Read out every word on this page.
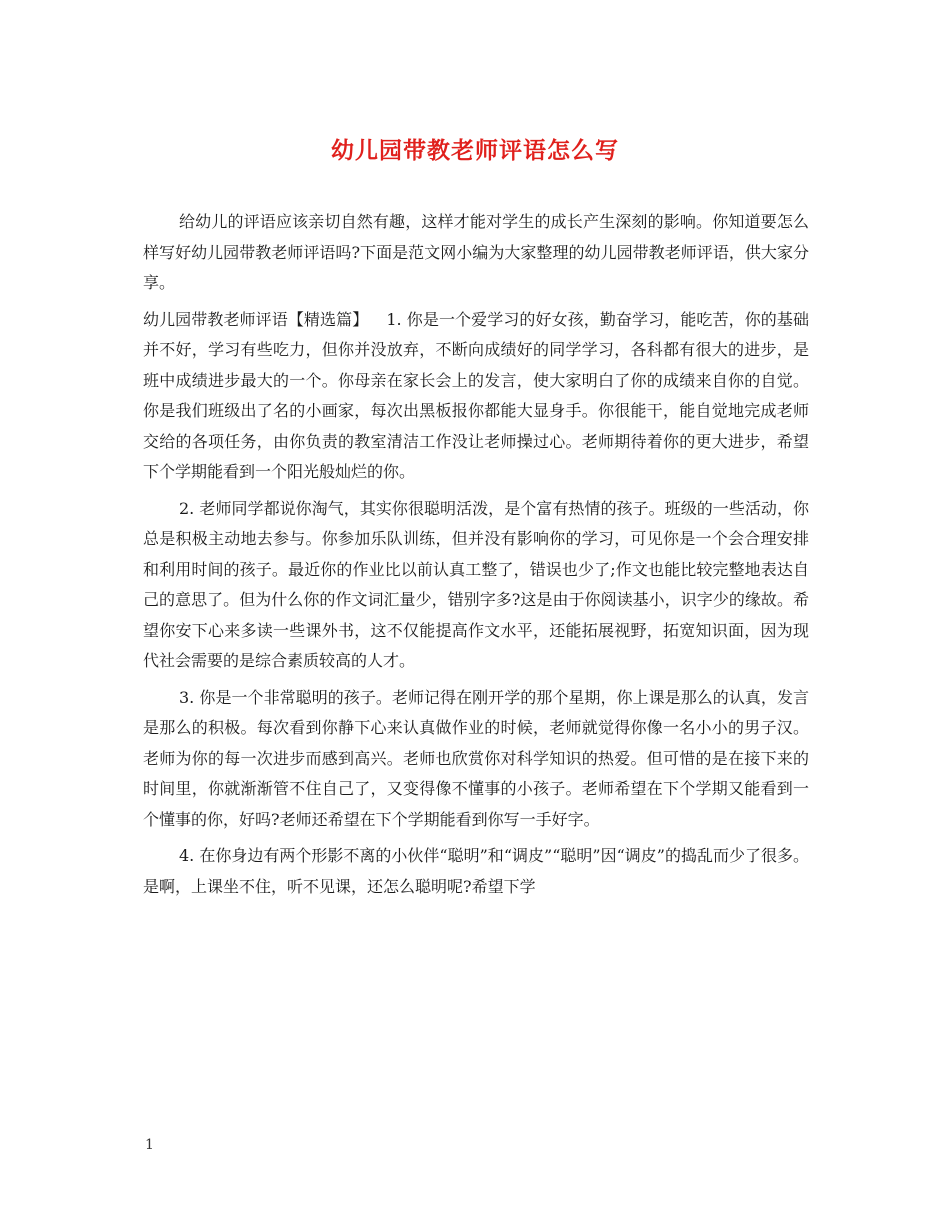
幼儿园带教老师评语怎么写

给幼儿的评语应该亲切自然有趣，这样才能对学生的成长产生深刻的影响。你知道要怎么样写好幼儿园带教老师评语吗?下面是范文网小编为大家整理的幼儿园带教老师评语，供大家分享。

幼儿园带教老师评语【精选篇】 1. 你是一个爱学习的好女孩，勤奋学习，能吃苦，你的基础并不好，学习有些吃力，但你并没放弃，不断向成绩好的同学学习，各科都有很大的进步，是班中成绩进步最大的一个。你母亲在家长会上的发言，使大家明白了你的成绩来自你的自觉。你是我们班级出了名的小画家，每次出黑板报你都能大显身手。你很能干，能自觉地完成老师交给的各项任务，由你负责的教室清洁工作没让老师操过心。老师期待着你的更大进步，希望下个学期能看到一个阳光般灿烂的你。

2. 老师同学都说你淘气，其实你很聪明活泼，是个富有热情的孩子。班级的一些活动，你总是积极主动地去参与。你参加乐队训练，但并没有影响你的学习，可见你是一个会合理安排和利用时间的孩子。最近你的作业比以前认真工整了，错误也少了;作文也能比较完整地表达自己的意思了。但为什么你的作文词汇量少，错别字多?这是由于你阅读基小，识字少的缘故。希望你安下心来多读一些课外书，这不仅能提高作文水平，还能拓展视野，拓宽知识面，因为现代社会需要的是综合素质较高的人才。

3. 你是一个非常聪明的孩子。老师记得在刚开学的那个星期，你上课是那么的认真，发言是那么的积极。每次看到你静下心来认真做作业的时候，老师就觉得你像一名小小的男子汉。老师为你的每一次进步而感到高兴。老师也欣赏你对科学知识的热爱。但可惜的是在接下来的时间里，你就渐渐管不住自己了，又变得像不懂事的小孩子。老师希望在下个学期又能看到一个懂事的你，好吗?老师还希望在下个学期能看到你写一手好字。

4. 在你身边有两个形影不离的小伙伴“聪明”和“调皮”“聪明”因“调皮”的捣乱而少了很多。是啊，上课坐不住，听不见课，还怎么聪明呢?希望下学

1
